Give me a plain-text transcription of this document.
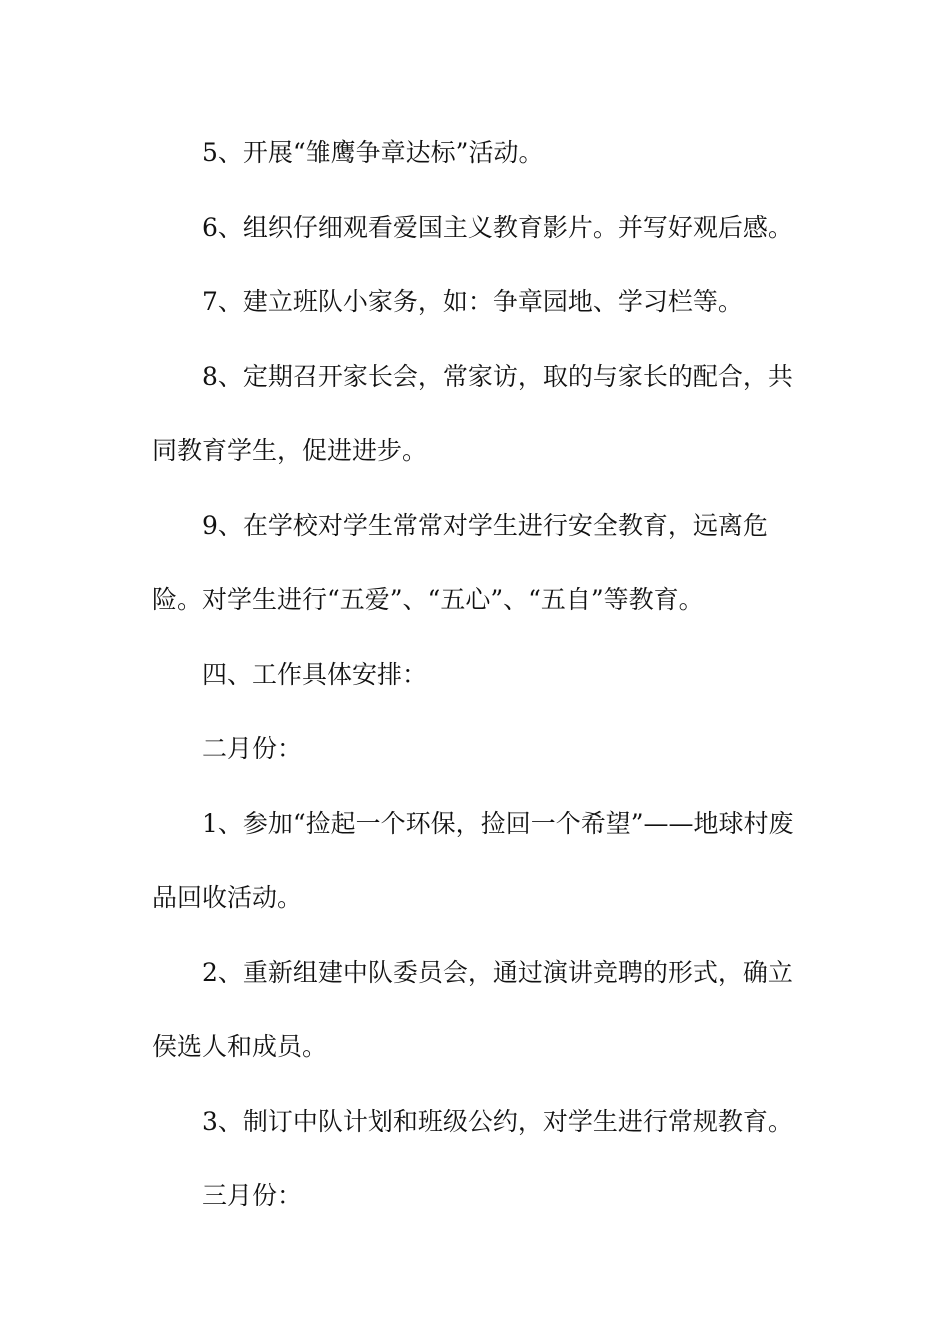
5、开展“雏鹰争章达标”活动。

6、组织仔细观看爱国主义教育影片。并写好观后感。

7、建立班队小家务，如：争章园地、学习栏等。

8、定期召开家长会，常家访，取的与家长的配合，共同教育学生，促进进步。

9、在学校对学生常常对学生进行安全教育，远离危险。对学生进行“五爱”、“五心”、“五自”等教育。

四、工作具体安排：

二月份：

1、参加“捡起一个环保，捡回一个希望”——地球村废品回收活动。

2、重新组建中队委员会，通过演讲竞聘的形式，确立侯选人和成员。

3、制订中队计划和班级公约，对学生进行常规教育。

三月份：
